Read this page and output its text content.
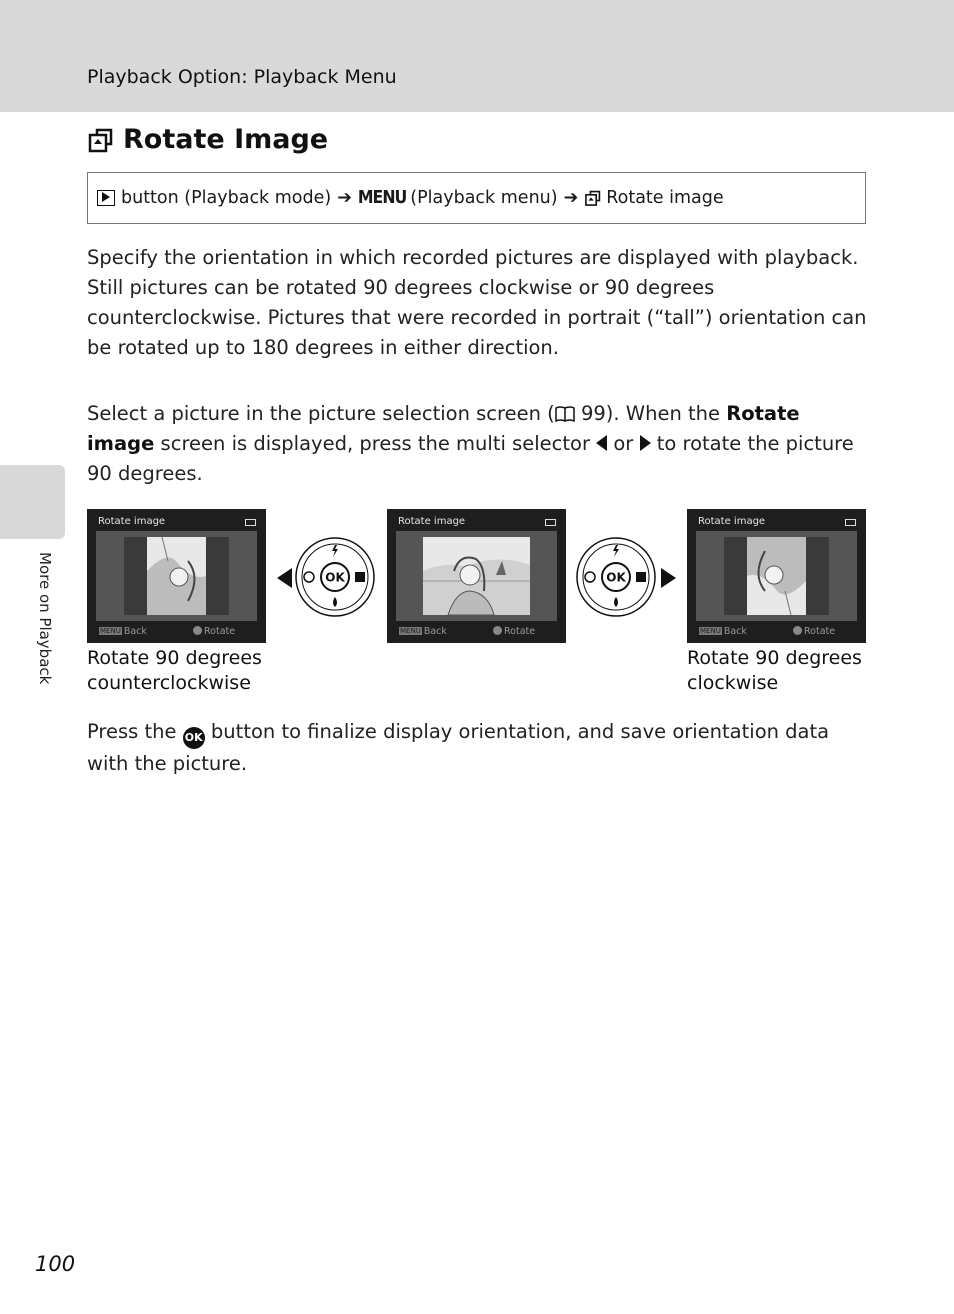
Playback Option: Playback Menu
More on Playback
Rotate Image
button (Playback mode) ➔ MENU (Playback menu) ➔ Rotate image
Specify the orientation in which recorded pictures are displayed with playback. Still pictures can be rotated 90 degrees clockwise or 90 degrees counterclockwise. Pictures that were recorded in portrait (“tall”) orientation can be rotated up to 180 degrees in either direction.
Select a picture in the picture selection screen ( 99). When the Rotate image screen is displayed, press the multi selector  or  to rotate the picture 90 degrees.
Rotate image
MENU Back	Rotate
Rotate image
MENU Back	Rotate
Rotate image
MENU Back	Rotate
OK	OK
Rotate 90 degrees
counterclockwise
Rotate 90 degrees
clockwise
Press the OK button to finalize display orientation, and save orientation data with the picture.
100
